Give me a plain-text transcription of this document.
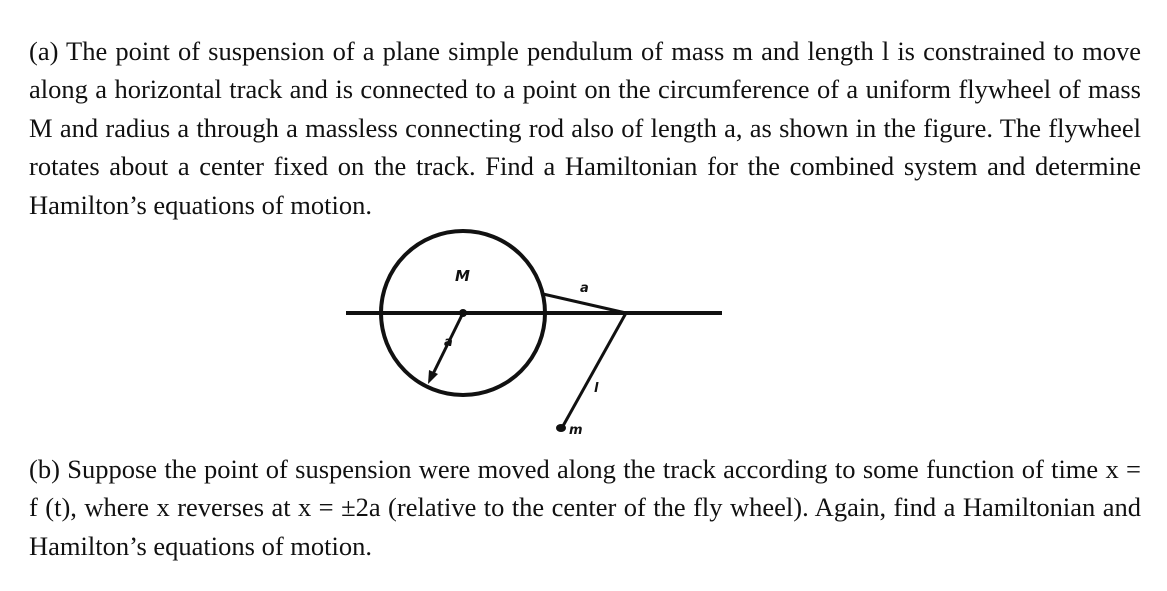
(a) The point of suspension of a plane simple pendulum of mass m and length l is constrained to move along a horizontal track and is connected to a point on the circumference of a uniform flywheel of mass M and radius a through a massless connecting rod also of length a, as shown in the figure. The flywheel rotates about a center fixed on the track. Find a Hamiltonian for the combined system and determine Hamilton’s equations of motion.

M
a
a
l
m

(b) Suppose the point of suspension were moved along the track according to some function of time x = f (t), where x reverses at x = ±2a (relative to the center of the fly wheel). Again, find a Hamiltonian and Hamilton’s equations of motion.
